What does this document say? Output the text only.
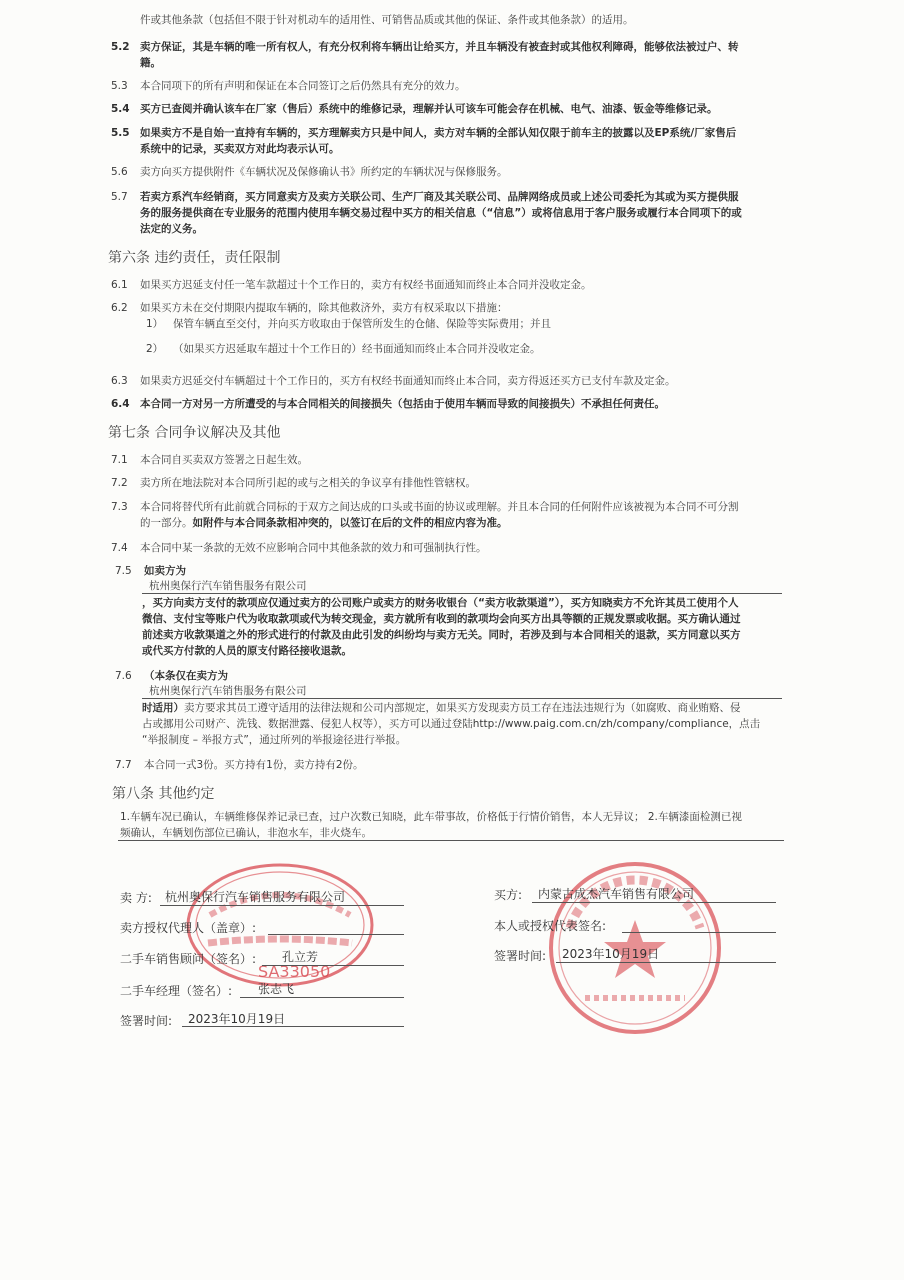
件或其他条款（包括但不限于针对机动车的适用性、可销售品质或其他的保证、条件或其他条款）的适用。
5.2 卖方保证，其是车辆的唯一所有权人，有充分权利将车辆出让给买方，并且车辆没有被查封或其他权利障碍，能够依法被过户、转
籍。
5.3 本合同项下的所有声明和保证在本合同签订之后仍然具有充分的效力。
5.4 买方已查阅并确认该车在厂家（售后）系统中的维修记录，理解并认可该车可能会存在机械、电气、油漆、钣金等维修记录。
5.5 如果卖方不是自始一直持有车辆的，买方理解卖方只是中间人，卖方对车辆的全部认知仅限于前车主的披露以及EP系统/厂家售后
系统中的记录，买卖双方对此均表示认可。
5.6 卖方向买方提供附件《车辆状况及保修确认书》所约定的车辆状况与保修服务。
5.7 若卖方系汽车经销商，买方同意卖方及卖方关联公司、生产厂商及其关联公司、品牌网络成员或上述公司委托为其或为买方提供服
务的服务提供商在专业服务的范围内使用车辆交易过程中买方的相关信息（“信息”）或将信息用于客户服务或履行本合同项下的或
法定的义务。
第六条 违约责任，责任限制
6.1 如果买方迟延支付任一笔车款超过十个工作日的，卖方有权经书面通知而终止本合同并没收定金。
6.2 如果买方未在交付期限内提取车辆的，除其他救济外，卖方有权采取以下措施：
1） 保管车辆直至交付，并向买方收取由于保管所发生的仓储、保险等实际费用；并且
2） （如果买方迟延取车超过十个工作日的）经书面通知而终止本合同并没收定金。
6.3 如果卖方迟延交付车辆超过十个工作日的，买方有权经书面通知而终止本合同，卖方得返还买方已支付车款及定金。
6.4 本合同一方对另一方所遭受的与本合同相关的间接损失（包括由于使用车辆而导致的间接损失）不承担任何责任。
第七条 合同争议解决及其他
7.1 本合同自买卖双方签署之日起生效。
7.2 卖方所在地法院对本合同所引起的或与之相关的争议享有排他性管辖权。
7.3 本合同将替代所有此前就合同标的于双方之间达成的口头或书面的协议或理解。并且本合同的任何附件应该被视为本合同不可分割
的一部分。如附件与本合同条款相冲突的，以签订在后的文件的相应内容为准。
7.4 本合同中某一条款的无效不应影响合同中其他条款的效力和可强制执行性。
7.5 如卖方为
杭州奥保行汽车销售服务有限公司
，买方向卖方支付的款项应仅通过卖方的公司账户或卖方的财务收银台（“卖方收款渠道”），买方知晓卖方不允许其员工使用个人
微信、支付宝等账户代为收取款项或代为转交现金，卖方就所有收到的款项均会向买方出具等额的正规发票或收据。买方确认通过
前述卖方收款渠道之外的形式进行的付款及由此引发的纠纷均与卖方无关。同时，若涉及到与本合同相关的退款，买方同意以买方
或代买方付款的人员的原支付路径接收退款。
7.6 （本条仅在卖方为
杭州奥保行汽车销售服务有限公司
时适用）卖方要求其员工遵守适用的法律法规和公司内部规定，如果买方发现卖方员工存在违法违规行为（如腐败、商业贿赂、侵
占或挪用公司财产、洗钱、数据泄露、侵犯人权等），买方可以通过登陆http://www.paig.com.cn/zh/company/compliance，点击
“举报制度 – 举报方式”，通过所列的举报途径进行举报。
7.7 本合同一式3份。买方持有1份，卖方持有2份。
第八条 其他约定
1.车辆车况已确认，车辆维修保养记录已查，过户次数已知晓，此车带事故，价格低于行情价销售，本人无异议； 2.车辆漆面检测已视
频确认，车辆划伤部位已确认，非泡水车，非火烧车。
SA33050
卖 方: 杭州奥保行汽车销售服务有限公司
卖方授权代理人（盖章）:
二手车销售顾问（签名）: 孔立芳
二手车经理（签名）: 张志飞
签署时间: 2023年10月19日
买方: 内蒙古成杰汽车销售有限公司
本人或授权代表签名:
签署时间: 2023年10月19日
